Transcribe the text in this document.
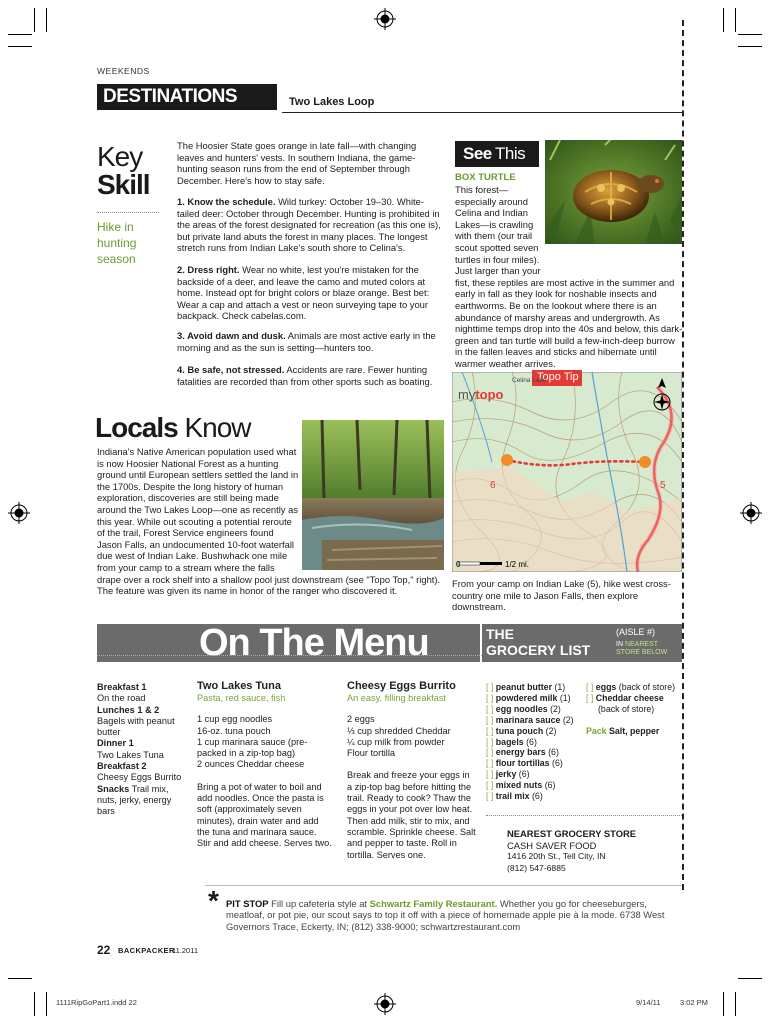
WEEKENDS
DESTINATIONS	Two Lakes Loop
Key
Skill
Hike in hunting season
The Hoosier State goes orange in late fall—with changing leaves and hunters' vests. In southern Indiana, the game-hunting season runs from the end of September through December. Here's how to stay safe.
1. Know the schedule. Wild turkey: October 19–30. White-tailed deer: October through December. Hunting is prohibited in the areas of the forest designated for recreation (as this one is), but private land abuts the forest in many places. The longest stretch runs from Indian Lake's south shore to Celina's.
2. Dress right. Wear no white, lest you're mistaken for the backside of a deer, and leave the camo and muted colors at home. Instead opt for bright colors or blaze orange. Best bet: Wear a cap and attach a vest or neon surveying tape to your backpack. Check cabelas.com.
3. Avoid dawn and dusk. Animals are most active early in the morning and as the sun is setting—hunters too.
4. Be safe, not stressed. Accidents are rare. Fewer hunting fatalities are recorded than from other sports such as boating.
See This
BOX TURTLE
This forest—especially around Celina and Indian Lakes—is crawling with them (our trail scout spotted seven turtles in four miles). Just larger than your fist, these reptiles are most active in the summer and early in fall as they look for noshable insects and earthworms. Be on the lookout where there is an abundance of marshy areas and undergrowth. As nighttime temps drop into the 40s and below, this dark-green and tan turtle will build a few-inch-deep burrow in the fallen leaves and sticks and hibernate until warmer weather arrives.
Locals Know
Indiana's Native American population used what is now Hoosier National Forest as a hunting ground until European settlers settled the land in the 1700s. Despite the long history of human exploration, discoveries are still being made around the Two Lakes Loop—one as recently as this year. While out scouting a potential reroute of the trail, Forest Service engineers found Jason Falls, an undocumented 10-foot waterfall due west of Indian Lake. Bushwhack one mile from your camp to a stream where the falls drape over a rock shelf into a shallow pool just downstream (see "Topo Top," right). The feature was given its name in honor of the ranger who discovered it.
Topo Tip
mytopo
Celina Lake
6	5
0	1/2 mi.
From your camp on Indian Lake (5), hike west cross-country one mile to Jason Falls, then explore downstream.
On The Menu	THE
GROCERY LIST
(AISLE #)
IN NEAREST
STORE BELOW
Breakfast 1
On the road
Lunches 1 & 2
Bagels with peanut butter
Dinner 1
Two Lakes Tuna
Breakfast 2
Cheesy Eggs Burrito
Snacks Trail mix, nuts, jerky, energy bars
Two Lakes Tuna
Pasta, red sauce, fish
1 cup egg noodles
16-oz. tuna pouch
1 cup marinara sauce (pre-packed in a zip-top bag)
2 ounces Cheddar cheese
Bring a pot of water to boil and add noodles. Once the pasta is soft (approximately seven minutes), drain water and add the tuna and marinara sauce. Stir and add cheese. Serves two.
Cheesy Eggs Burrito
An easy, filling breakfast
2 eggs
⅓ cup shredded Cheddar
¼ cup milk from powder
Flour tortilla
Break and freeze your eggs in a zip-top bag before hitting the trail. Ready to cook? Thaw the eggs in your pot over low heat. Then add milk, stir to mix, and scramble. Sprinkle cheese. Salt and pepper to taste. Roll in tortilla. Serves one.
[ ] peanut butter (1)
[ ] powdered milk (1)
[ ] egg noodles (2)
[ ] marinara sauce (2)
[ ] tuna pouch (2)
[ ] bagels (6)
[ ] energy bars (6)
[ ] flour tortillas (6)
[ ] jerky (6)
[ ] mixed nuts (6)
[ ] trail mix (6)
[ ] eggs (back of store)
[ ] Cheddar cheese
(back of store)
Pack Salt, pepper
NEAREST GROCERY STORE
CASH SAVER FOOD
1416 20th St., Tell City, IN
(812) 547-6885
* PIT STOP Fill up cafeteria style at Schwartz Family Restaurant. Whether you go for cheeseburgers, meatloaf, or pot pie, our scout says to top it off with a piece of homemade apple pie à la mode. 6738 West Governors Trace, Eckerty, IN; (812) 338-9000; schwartzrestaurant.com
22 BACKPACKER
11.2011
1111RipGoPart1.indd 22	9/14/11	3:02 PM
